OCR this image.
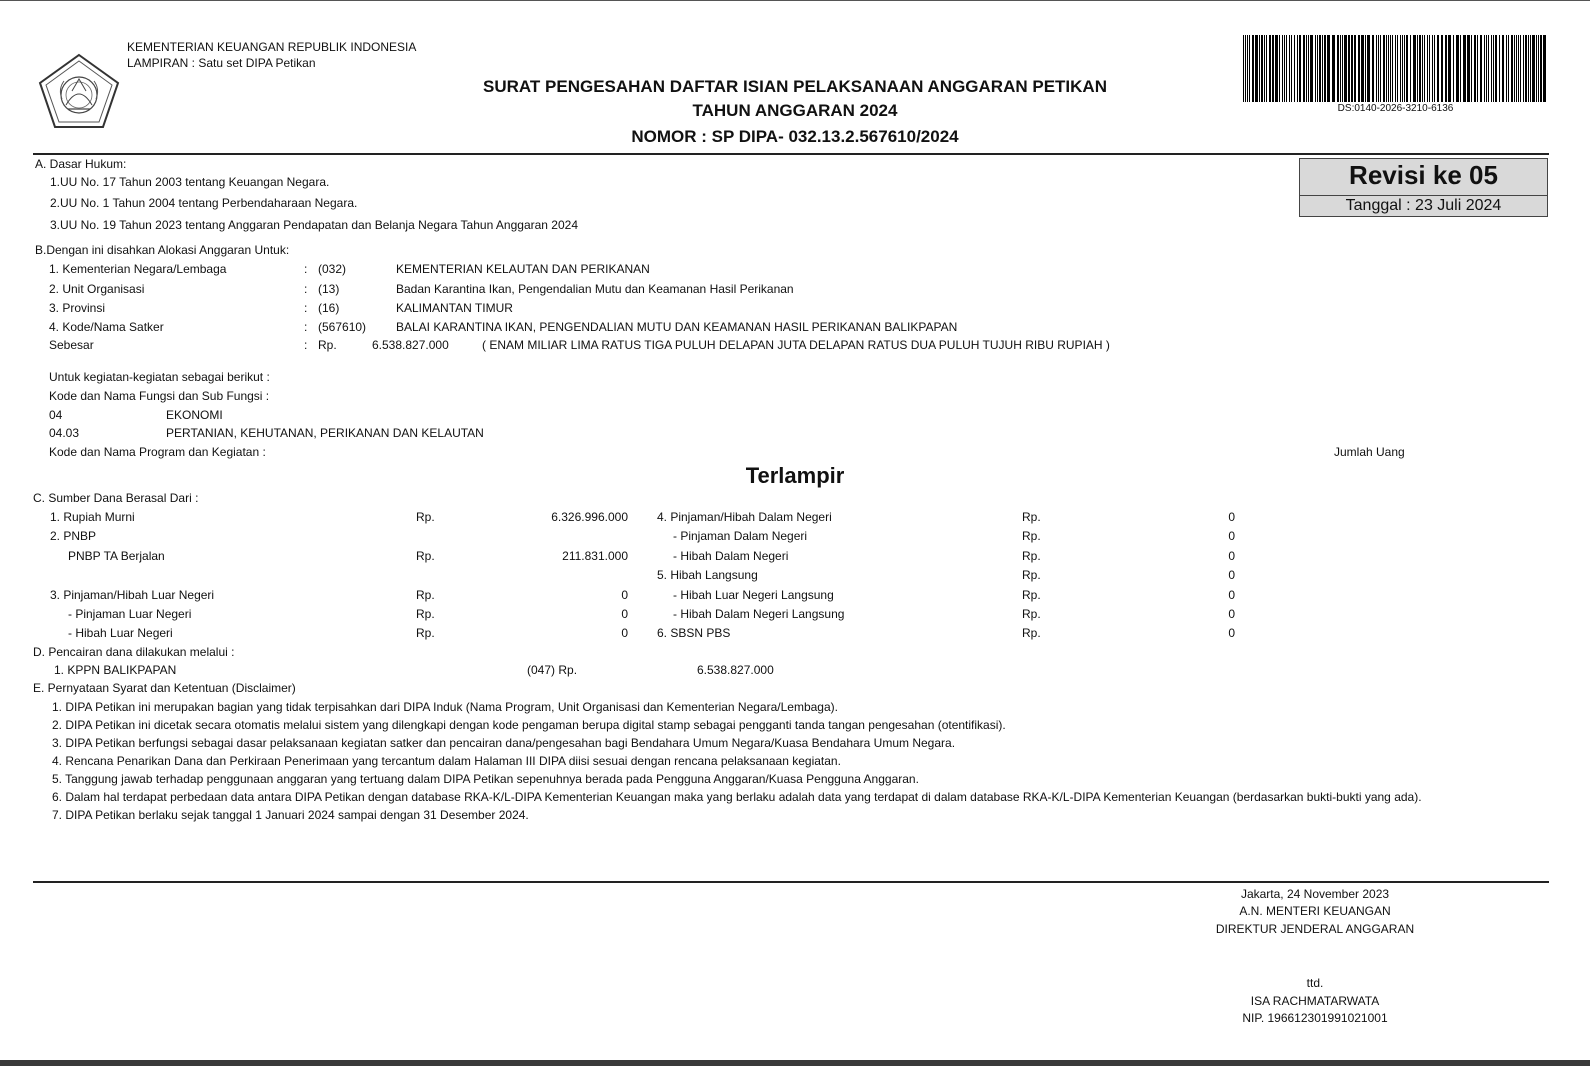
KEMENTERIAN KEUANGAN REPUBLIK INDONESIA
LAMPIRAN : Satu set DIPA Petikan
SURAT PENGESAHAN DAFTAR ISIAN PELAKSANAAN ANGGARAN PETIKAN
TAHUN ANGGARAN 2024
NOMOR : SP DIPA- 032.13.2.567610/2024
DS:0140-2026-3210-6136
Revisi ke 05
Tanggal : 23 Juli 2024
A. Dasar Hukum:
1.UU No. 17 Tahun 2003 tentang Keuangan Negara.
2.UU No. 1 Tahun 2004 tentang Perbendaharaan Negara.
3.UU No. 19 Tahun 2023 tentang Anggaran Pendapatan dan Belanja Negara Tahun Anggaran 2024
B.Dengan ini disahkan Alokasi Anggaran Untuk:
1. Kementerian Negara/Lembaga	: (032)	KEMENTERIAN KELAUTAN DAN PERIKANAN
2. Unit Organisasi	: (13)	Badan Karantina Ikan, Pengendalian Mutu dan Keamanan Hasil Perikanan
3. Provinsi	: (16)	KALIMANTAN TIMUR
4. Kode/Nama Satker	: (567610) BALAI KARANTINA IKAN, PENGENDALIAN MUTU DAN KEAMANAN HASIL PERIKANAN BALIKPAPAN
Sebesar	: Rp.	6.538.827.000	( ENAM MILIAR LIMA RATUS TIGA PULUH DELAPAN JUTA DELAPAN RATUS DUA PULUH TUJUH RIBU RUPIAH )
Untuk kegiatan-kegiatan sebagai berikut :
Kode dan Nama Fungsi dan Sub Fungsi :
04	EKONOMI
04.03	PERTANIAN, KEHUTANAN, PERIKANAN DAN KELAUTAN
Kode dan Nama Program dan Kegiatan :	Jumlah Uang
Terlampir
C. Sumber Dana Berasal Dari :
1. Rupiah Murni	Rp.	6.326.996.000
2. PNBP
PNBP TA Berjalan	Rp.	211.831.000
3. Pinjaman/Hibah Luar Negeri	Rp.	0
- Pinjaman Luar Negeri	Rp.	0
- Hibah Luar Negeri	Rp.	0
4. Pinjaman/Hibah Dalam Negeri	Rp.	0
- Pinjaman Dalam Negeri	Rp.	0
- Hibah Dalam Negeri	Rp.	0
5. Hibah Langsung	Rp.	0
- Hibah Luar Negeri Langsung	Rp.	0
- Hibah Dalam Negeri Langsung	Rp.	0
6. SBSN PBS	Rp.	0
D. Pencairan dana dilakukan melalui :
1. KPPN BALIKPAPAN	(047) Rp.	6.538.827.000
E. Pernyataan Syarat dan Ketentuan (Disclaimer)
1. DIPA Petikan ini merupakan bagian yang tidak terpisahkan dari DIPA Induk (Nama Program, Unit Organisasi dan Kementerian Negara/Lembaga).
2. DIPA Petikan ini dicetak secara otomatis melalui sistem yang dilengkapi dengan kode pengaman berupa digital stamp sebagai pengganti tanda tangan pengesahan (otentifikasi).
3. DIPA Petikan berfungsi sebagai dasar pelaksanaan kegiatan satker dan pencairan dana/pengesahan bagi Bendahara Umum Negara/Kuasa Bendahara Umum Negara.
4. Rencana Penarikan Dana dan Perkiraan Penerimaan yang tercantum dalam Halaman III DIPA diisi sesuai dengan rencana pelaksanaan kegiatan.
5. Tanggung jawab terhadap penggunaan anggaran yang tertuang dalam DIPA Petikan sepenuhnya berada pada Pengguna Anggaran/Kuasa Pengguna Anggaran.
6. Dalam hal terdapat perbedaan data antara DIPA Petikan dengan database RKA-K/L-DIPA Kementerian Keuangan maka yang berlaku adalah data yang terdapat di dalam database RKA-K/L-DIPA Kementerian Keuangan (berdasarkan bukti-bukti yang ada).
7. DIPA Petikan berlaku sejak tanggal 1 Januari 2024 sampai dengan 31 Desember 2024.
Jakarta, 24 November 2023
A.N. MENTERI KEUANGAN
DIREKTUR JENDERAL ANGGARAN
ttd.
ISA RACHMATARWATA
NIP. 196612301991021001
